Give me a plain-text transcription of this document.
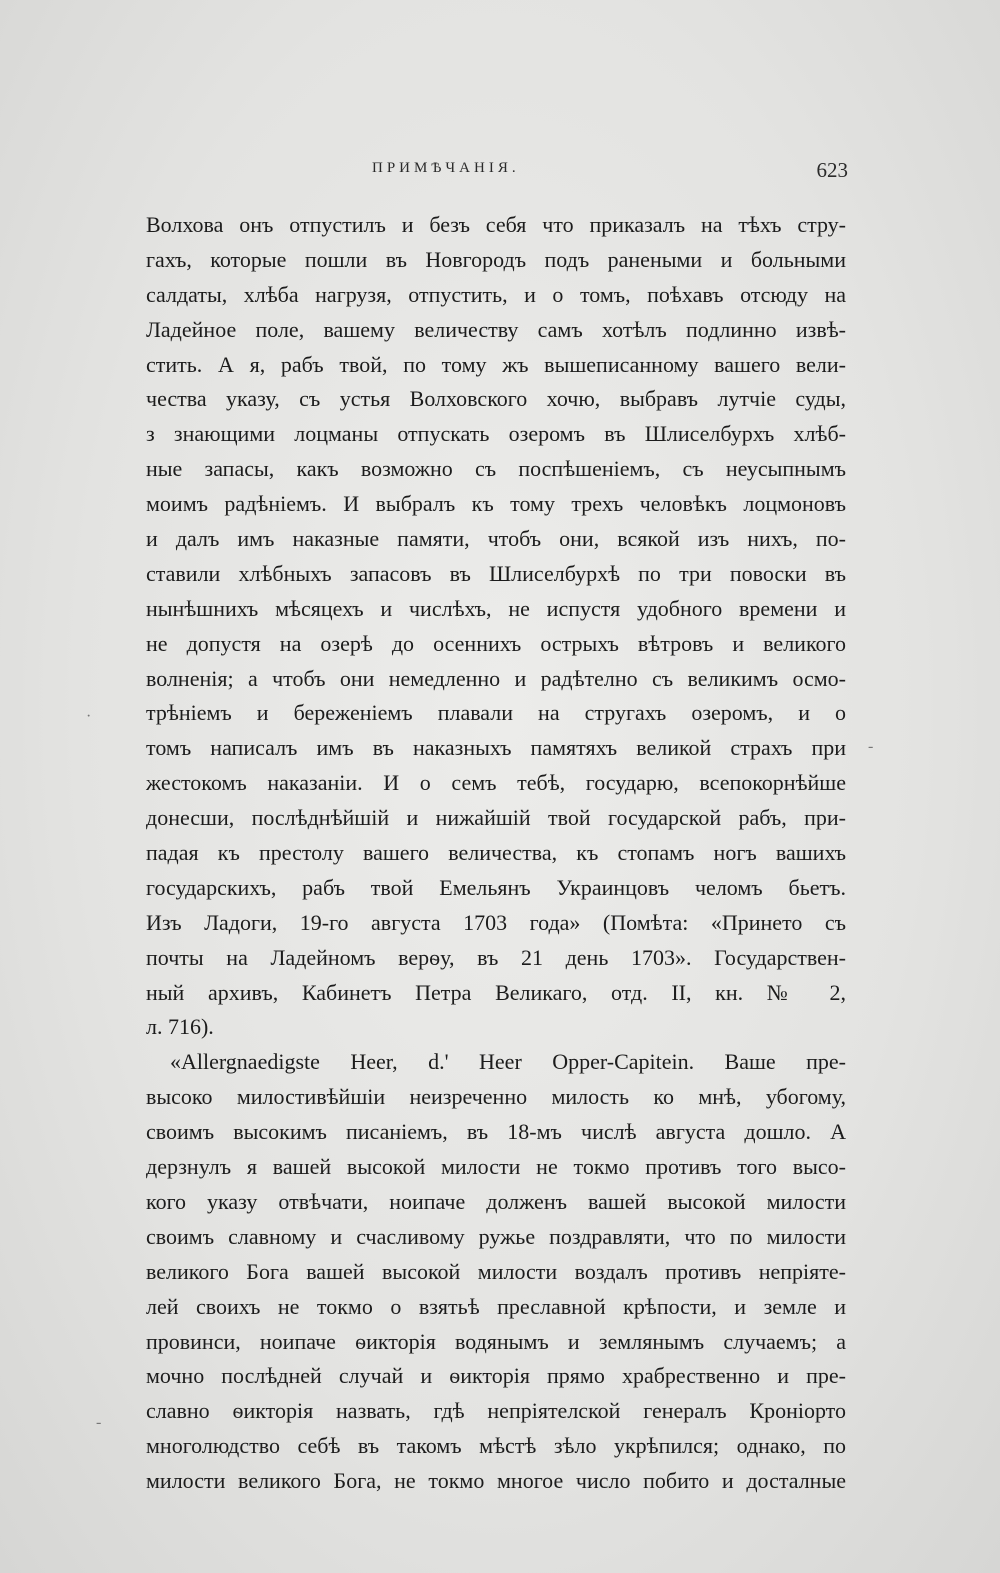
ПРИМѢЧАНІЯ.	623
Волхова онъ отпустилъ и безъ себя что приказалъ на тѣхъ стру-
гахъ, которые пошли въ Новгородъ подъ ранеными и больными
салдаты, хлѣба нагрузя, отпустить, и о томъ, поѣхавъ отсюду на
Ладейное поле, вашему величеству самъ хотѣлъ подлинно извѣ-
стить. А я, рабъ твой, по тому жъ вышеписанному вашего вели-
чества указу, съ устья Волховского хочю, выбравъ лутчіе суды,
з знающими лоцманы отпускать озеромъ въ Шлиселбурхъ хлѣб-
ные запасы, какъ возможно съ поспѣшеніемъ, съ неусыпнымъ
моимъ радѣніемъ. И выбралъ къ тому трехъ человѣкъ лоцмоновъ
и далъ имъ наказные памяти, чтобъ они, всякой изъ нихъ, по-
ставили хлѣбныхъ запасовъ въ Шлиселбурхѣ по три повоски въ
нынѣшнихъ мѣсяцехъ и числѣхъ, не испустя удобного времени и
не допустя на озерѣ до осеннихъ острыхъ вѣтровъ и великого
волненія; а чтобъ они немедленно и радѣтелно съ великимъ осмо-
трѣніемъ и береженіемъ плавали на стругахъ озеромъ, и о
томъ написалъ имъ въ наказныхъ памятяхъ великой страхъ при
жестокомъ наказаніи. И о семъ тебѣ, государю, всепокорнѣйше
донесши, послѣднѣйшій и нижайшій твой государской рабъ, при-
падая къ престолу вашего величества, къ стопамъ ногъ вашихъ
государскихъ, рабъ твой Емельянъ Украинцовъ челомъ бьетъ.
Изъ Ладоги, 19-го августа 1703 года» (Помѣта: «Принето съ
почты на Ладейномъ верѳу, въ 21 день 1703». Государствен-
ный архивъ, Кабинетъ Петра Великаго, отд. II, кн. № 2,
л. 716).
«Allergnaedigste Heer, d.' Heer Opper-Capitein. Ваше пре-
высоко милостивѣйшіи неизреченно милость ко мнѣ, убогому,
своимъ высокимъ писаніемъ, въ 18-мъ числѣ августа дошло. А
дерзнулъ я вашей высокой милости не токмо противъ того высо-
кого указу отвѣчати, ноипаче долженъ вашей высокой милости
своимъ славному и счасливому ружье поздравляти, что по милости
великого Бога вашей высокой милости воздалъ противъ непріяте-
лей своихъ не токмо о взятьѣ преславной крѣпости, и земле и
провинси, ноипаче ѳикторія водянымъ и землянымъ случаемъ; а
мочно послѣдней случай и ѳикторія прямо храбрественно и пре-
славно ѳикторія назвать, гдѣ непріятелской генералъ Кроніорто
многолюдство себѣ въ такомъ мѣстѣ зѣло укрѣпился; однако, по
милости великого Бога, не токмо многое число побито и досталные
·
-
-
